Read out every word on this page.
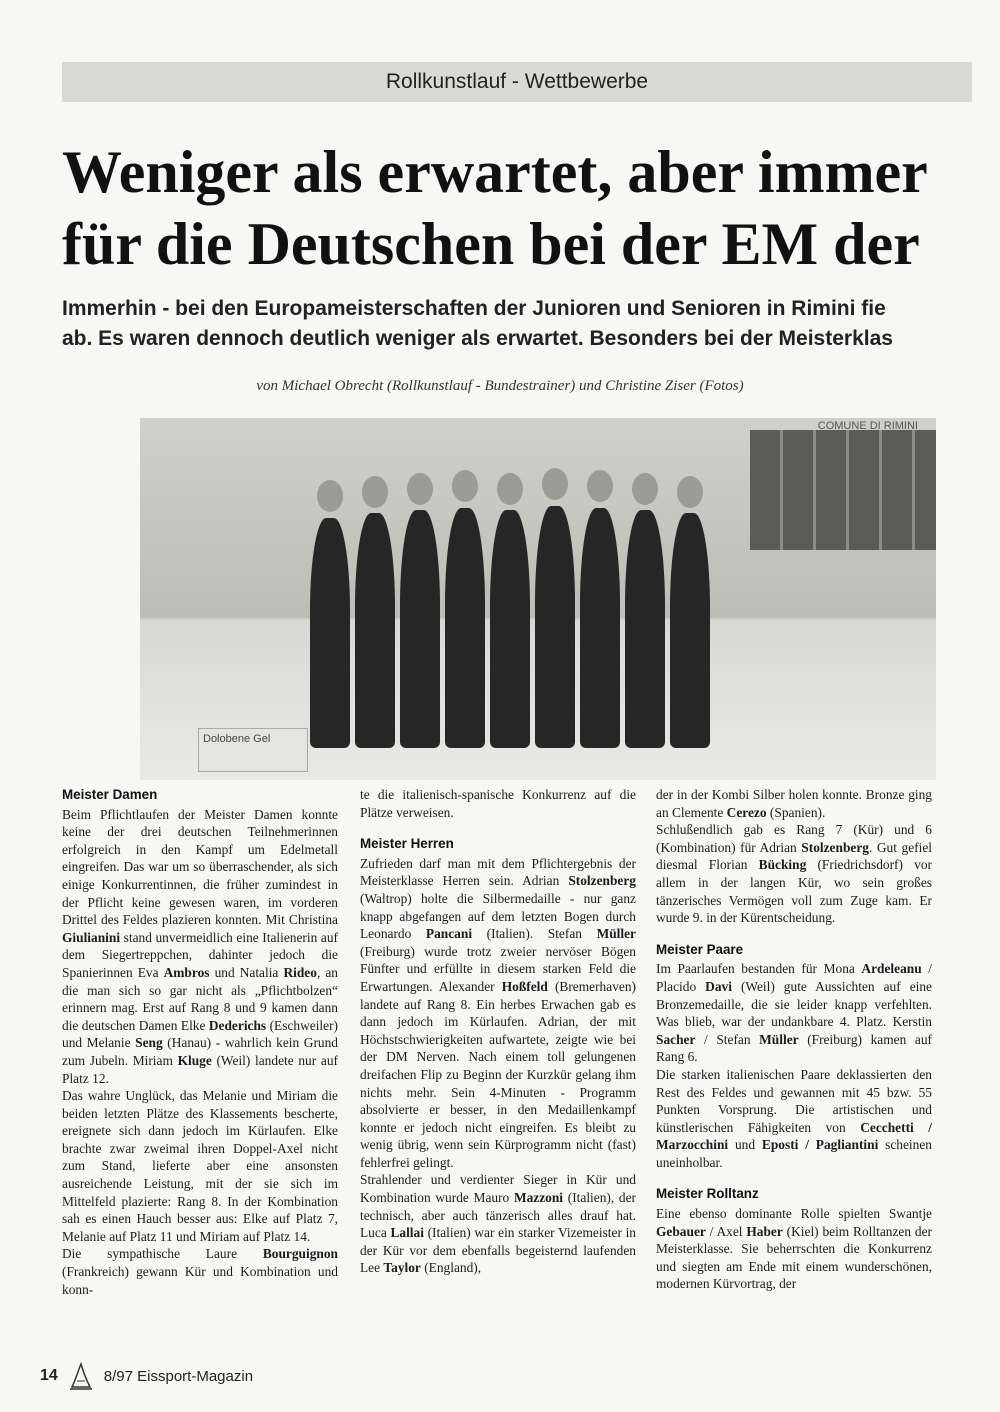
Rollkunstlauf - Wettbewerbe
Weniger als erwartet, aber immer
für die Deutschen bei der EM der
Immerhin - bei den Europameisterschaften der Junioren und Senioren in Rimini fie
ab. Es waren dennoch deutlich weniger als erwartet. Besonders bei der Meisterklas
von Michael Obrecht (Rollkunstlauf - Bundestrainer) und Christine Ziser (Fotos)
COMUNE DI RIMINI
Dolobene Gel
Meister Damen

Beim Pflichtlaufen der Meister Damen konnte keine der drei deutschen Teilnehmerinnen erfolgreich in den Kampf um Edelmetall eingreifen. Das war um so überraschender, als sich einige Konkurrentinnen, die früher zumindest in der Pflicht keine gewesen waren, im vorderen Drittel des Feldes plazieren konnten. Mit Christina Giulianini stand unvermeidlich eine Italienerin auf dem Siegertreppchen, dahinter jedoch die Spanierinnen Eva Ambros und Natalia Rideo, an die man sich so gar nicht als „Pflichtbolzen“ erinnern mag. Erst auf Rang 8 und 9 kamen dann die deutschen Damen Elke Dederichs (Eschweiler) und Melanie Seng (Hanau) - wahrlich kein Grund zum Jubeln. Miriam Kluge (Weil) landete nur auf Platz 12.

Das wahre Unglück, das Melanie und Miriam die beiden letzten Plätze des Klassements bescherte, ereignete sich dann jedoch im Kürlaufen. Elke brachte zwar zweimal ihren Doppel-Axel nicht zum Stand, lieferte aber eine ansonsten ausreichende Leistung, mit der sie sich im Mittelfeld plazierte: Rang 8. In der Kombination sah es einen Hauch besser aus: Elke auf Platz 7, Melanie auf Platz 11 und Miriam auf Platz 14.

Die sympathische Laure Bourguignon (Frankreich) gewann Kür und Kombination und konn-

te die italienisch-spanische Konkurrenz auf die Plätze verweisen.

Meister Herren

Zufrieden darf man mit dem Pflichtergebnis der Meisterklasse Herren sein. Adrian Stolzenberg (Waltrop) holte die Silbermedaille - nur ganz knapp abgefangen auf dem letzten Bogen durch Leonardo Pancani (Italien). Stefan Müller (Freiburg) wurde trotz zweier nervöser Bögen Fünfter und erfüllte in diesem starken Feld die Erwartungen. Alexander Hoßfeld (Bremerhaven) landete auf Rang 8. Ein herbes Erwachen gab es dann jedoch im Kürlaufen. Adrian, der mit Höchstschwierigkeiten aufwartete, zeigte wie bei der DM Nerven. Nach einem toll gelungenen dreifachen Flip zu Beginn der Kurzkür gelang ihm nichts mehr. Sein 4-Minuten - Programm absolvierte er besser, in den Medaillenkampf konnte er jedoch nicht eingreifen. Es bleibt zu wenig übrig, wenn sein Kürprogramm nicht (fast) fehlerfrei gelingt.

Strahlender und verdienter Sieger in Kür und Kombination wurde Mauro Mazzoni (Italien), der technisch, aber auch tänzerisch alles drauf hat. Luca Lallai (Italien) war ein starker Vizemeister in der Kür vor dem ebenfalls begeisternd laufenden Lee Taylor (England),

der in der Kombi Silber holen konnte. Bronze ging an Clemente Cerezo (Spanien).

Schlußendlich gab es Rang 7 (Kür) und 6 (Kombination) für Adrian Stolzenberg. Gut gefiel diesmal Florian Bücking (Friedrichsdorf) vor allem in der langen Kür, wo sein großes tänzerisches Vermögen voll zum Zuge kam. Er wurde 9. in der Kürentscheidung.

Meister Paare

Im Paarlaufen bestanden für Mona Ardeleanu / Placido Davi (Weil) gute Aussichten auf eine Bronzemedaille, die sie leider knapp verfehlten. Was blieb, war der undankbare 4. Platz. Kerstin Sacher / Stefan Müller (Freiburg) kamen auf Rang 6.

Die starken italienischen Paare deklassierten den Rest des Feldes und gewannen mit 45 bzw. 55 Punkten Vorsprung. Die artistischen und künstlerischen Fähigkeiten von Cecchetti / Marzocchini und Eposti / Pagliantini scheinen uneinholbar.

Meister Rolltanz

Eine ebenso dominante Rolle spielten Swantje Gebauer / Axel Haber (Kiel) beim Rolltanzen der Meisterklasse. Sie beherrschten die Konkurrenz und siegten am Ende mit einem wunderschönen, modernen Kürvortrag, der

14	8/97 Eissport-Magazin
